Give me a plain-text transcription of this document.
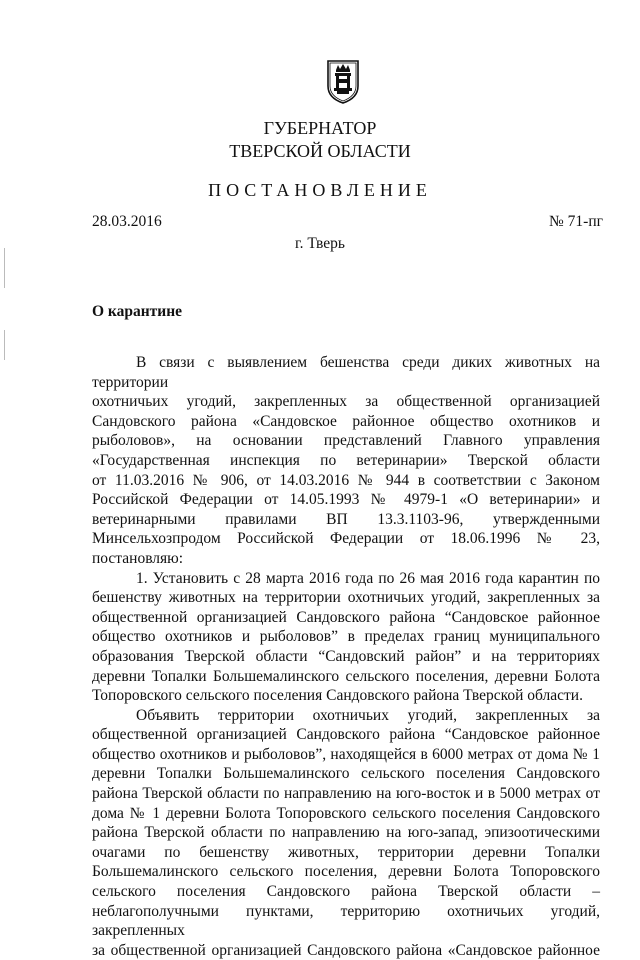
ГУБЕРНАТОР
ТВЕРСКОЙ ОБЛАСТИ
ПОСТАНОВЛЕНИЕ
28.03.2016	№ 71-пг
г. Тверь
О карантине
В связи с выявлением бешенства среди диких животных на территории
охотничьих угодий, закрепленных за общественной организацией
Сандовского района «Сандовское районное общество охотников и
рыболовов», на основании представлений Главного управления
«Государственная инспекция по ветеринарии» Тверской области
от 11.03.2016 № 906, от 14.03.2016 № 944 в соответствии с Законом
Российской Федерации от 14.05.1993 № 4979-1 «О ветеринарии» и
ветеринарными правилами ВП 13.3.1103-96, утвержденными
Минсельхозпродом Российской Федерации от 18.06.1996 № 23, постановляю:
1. Установить с 28 марта 2016 года по 26 мая 2016 года карантин по
бешенству животных на территории охотничьих угодий, закрепленных за
общественной организацией Сандовского района “Сандовское районное
общество охотников и рыболовов” в пределах границ муниципального
образования Тверской области “Сандовский район” и на территориях
деревни Топалки Большемалинского сельского поселения, деревни Болота
Топоровского сельского поселения Сандовского района Тверской области.
Объявить территории охотничьих угодий, закрепленных за
общественной организацией Сандовского района “Сандовское районное
общество охотников и рыболовов”, находящейся в 6000 метрах от дома № 1
деревни Топалки Большемалинского сельского поселения Сандовского
района Тверской области по направлению на юго-восток и в 5000 метрах от
дома № 1 деревни Болота Топоровского сельского поселения Сандовского
района Тверской области по направлению на юго-запад, эпизоотическими
очагами по бешенству животных, территории деревни Топалки
Большемалинского сельского поселения, деревни Болота Топоровского
сельского поселения Сандовского района Тверской области –
неблагополучными пунктами, территорию охотничьих угодий, закрепленных
за общественной организацией Сандовского района «Сандовское районное
